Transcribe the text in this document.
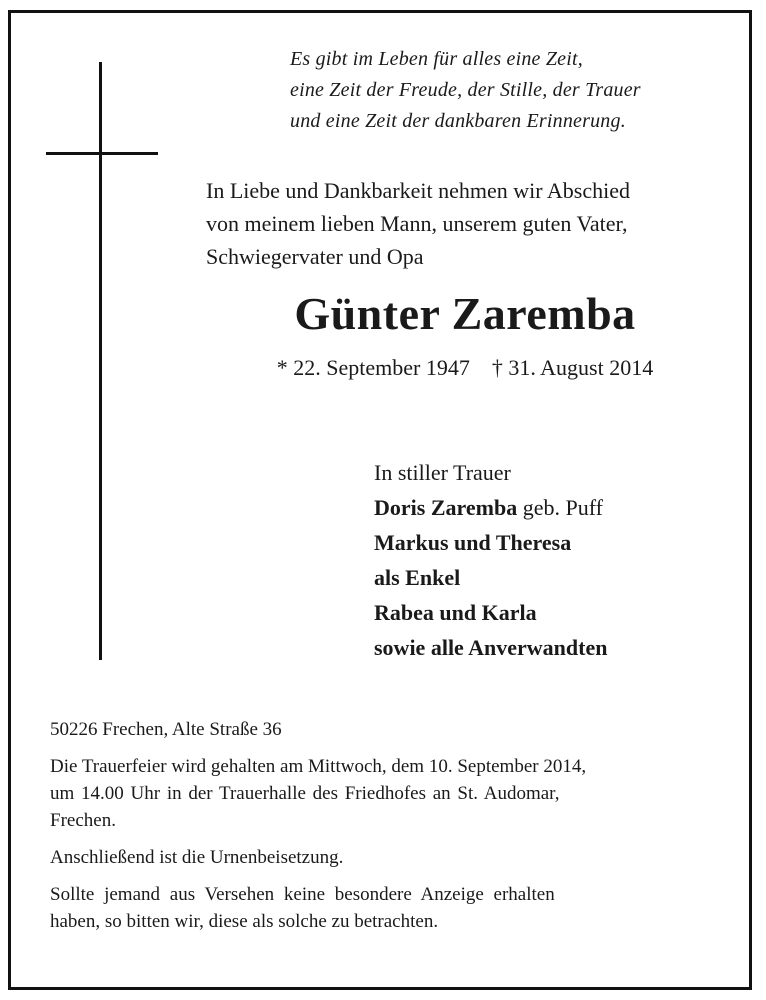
Es gibt im Leben für alles eine Zeit,
eine Zeit der Freude, der Stille, der Trauer
und eine Zeit der dankbaren Erinnerung.
In Liebe und Dankbarkeit nehmen wir Abschied
von meinem lieben Mann, unserem guten Vater,
Schwiegervater und Opa
Günter Zaremba
* 22. September 1947 † 31. August 2014
In stiller Trauer
Doris Zaremba geb. Puff
Markus und Theresa
als Enkel
Rabea und Karla
sowie alle Anverwandten
50226 Frechen, Alte Straße 36
Die Trauerfeier wird gehalten am Mittwoch, dem 10. September 2014,
um 14.00 Uhr in der Trauerhalle des Friedhofes an St. Audomar,
Frechen.
Anschließend ist die Urnenbeisetzung.
Sollte jemand aus Versehen keine besondere Anzeige erhalten
haben, so bitten wir, diese als solche zu betrachten.
